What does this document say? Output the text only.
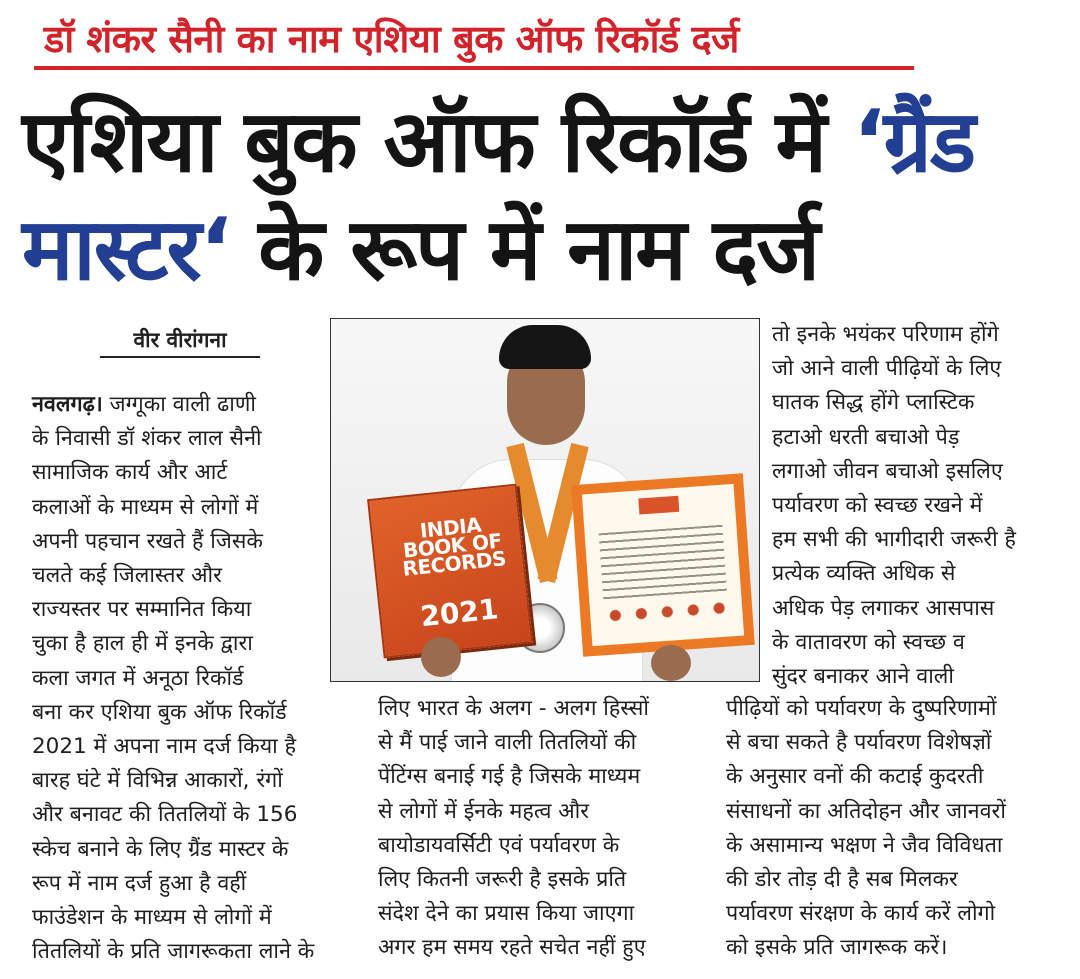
डॉ शंकर सैनी का नाम एशिया बुक ऑफ रिकॉर्ड दर्ज
एशिया बुक ऑफ रिकॉर्ड में ‘ग्रैंड
मास्टर‘ के रूप में नाम दर्ज
वीर वीरांगना
INDIA BOOK OF RECORDS
2021
नवलगढ़। जग्गूका वाली ढाणी
के निवासी डॉ शंकर लाल सैनी
सामाजिक कार्य और आर्ट
कलाओं के माध्यम से लोगों में
अपनी पहचान रखते हैं जिसके
चलते कई जिलास्तर और
राज्यस्तर पर सम्मानित किया
चुका है हाल ही में इनके द्वारा
कला जगत में अनूठा रिकॉर्ड
बना कर एशिया बुक ऑफ रिकॉर्ड
2021 में अपना नाम दर्ज किया है
बारह घंटे में विभिन्न आकारों, रंगों
और बनावट की तितलियों के 156
स्केच बनाने के लिए ग्रैंड मास्टर के
रूप में नाम दर्ज हुआ है वहीं
फाउंडेशन के माध्यम से लोगों में
तितलियों के प्रति जागरूकता लाने के
लिए भारत के अलग - अलग हिस्सों
से मैं पाई जाने वाली तितलियों की
पेंटिंग्स बनाई गई है जिसके माध्यम
से लोगों में ईनके महत्व और
बायोडायवर्सिटी एवं पर्यावरण के
लिए कितनी जरूरी है इसके प्रति
संदेश देने का प्रयास किया जाएगा
अगर हम समय रहते सचेत नहीं हुए
तो इनके भयंकर परिणाम होंगे
जो आने वाली पीढ़ियों के लिए
घातक सिद्ध होंगे प्लास्टिक
हटाओ धरती बचाओ पेड़
लगाओ जीवन बचाओ इसलिए
पर्यावरण को स्वच्छ रखने में
हम सभी की भागीदारी जरूरी है
प्रत्येक व्यक्ति अधिक से
अधिक पेड़ लगाकर आसपास
के वातावरण को स्वच्छ व
सुंदर बनाकर आने वाली
पीढ़ियों को पर्यावरण के दुष्परिणामों
से बचा सकते है पर्यावरण विशेषज्ञों
के अनुसार वनों की कटाई कुदरती
संसाधनों का अतिदोहन और जानवरों
के असामान्य भक्षण ने जैव विविधता
की डोर तोड़ दी है सब मिलकर
पर्यावरण संरक्षण के कार्य करें लोगो
को इसके प्रति जागरूक करें।
